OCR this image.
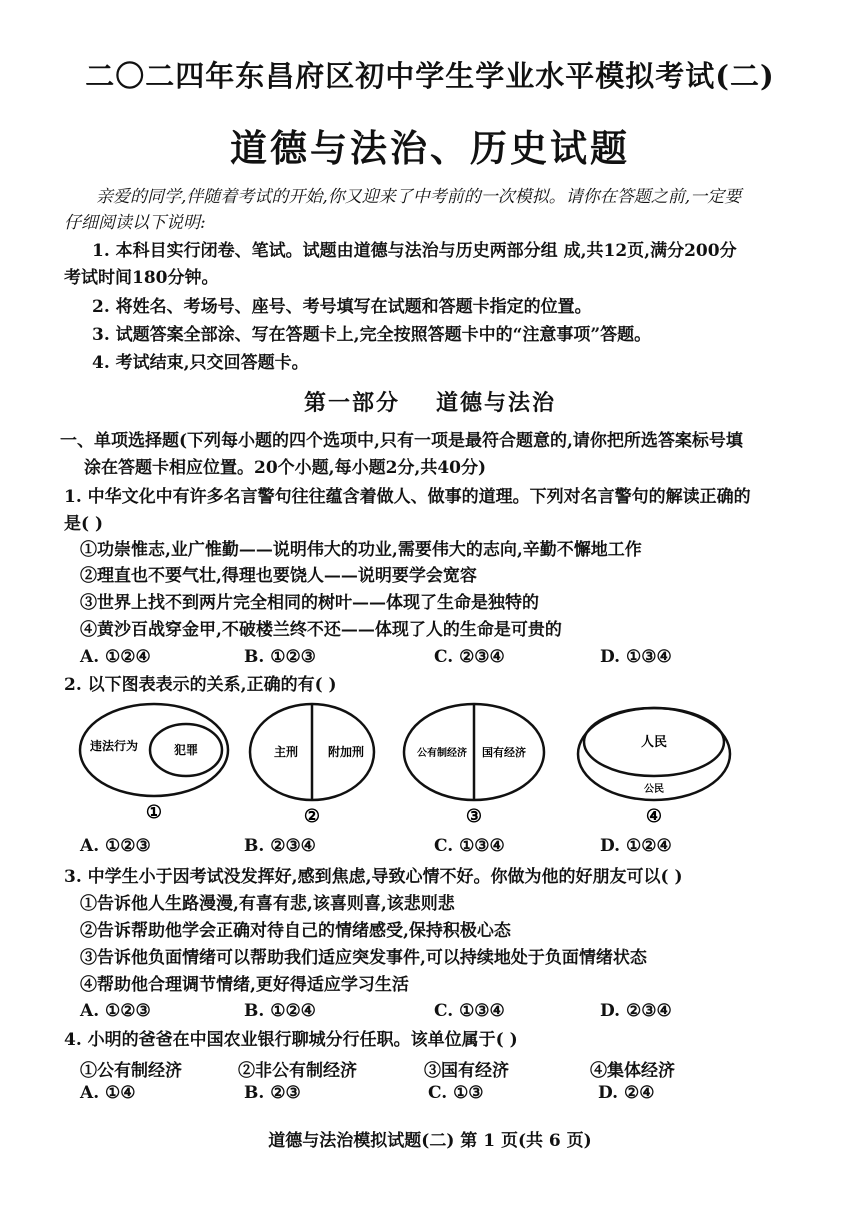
二〇二四年东昌府区初中学生学业水平模拟考试(二)
道德与法治、历史试题
亲爱的同学,伴随着考试的开始,你又迎来了中考前的一次模拟。请你在答题之前,一定要
仔细阅读以下说明:
1. 本科目实行闭卷、笔试。试题由道德与法治与历史两部分组 成,共12页,满分200分
考试时间180分钟。
2. 将姓名、考场号、座号、考号填写在试题和答题卡指定的位置。
3. 试题答案全部涂、写在答题卡上,完全按照答题卡中的“注意事项”答题。
4. 考试结束,只交回答题卡。
第一部分 道德与法治
一、单项选择题(下列每小题的四个选项中,只有一项是最符合题意的,请你把所选答案标号填
涂在答题卡相应位置。20个小题,每小题2分,共40分)
1. 中华文化中有许多名言警句往往蕴含着做人、做事的道理。下列对名言警句的解读正确的
是( )
①功崇惟志,业广惟勤——说明伟大的功业,需要伟大的志向,辛勤不懈地工作
②理直也不要气壮,得理也要饶人——说明要学会宽容
③世界上找不到两片完全相同的树叶——体现了生命是独特的
④黄沙百战穿金甲,不破楼兰终不还——体现了人的生命是可贵的
A. ①②④	B. ①②③	C. ②③④	D. ①③④
2. 以下图表表示的关系,正确的有( )
违法行为	犯罪
①
主刑 附加刑
②
公有制经济 国有经济
③
人民
公民
④
A. ①②③	B. ②③④	C. ①③④	D. ①②④
3. 中学生小于因考试没发挥好,感到焦虑,导致心情不好。你做为他的好朋友可以( )
①告诉他人生路漫漫,有喜有悲,该喜则喜,该悲则悲
②告诉帮助他学会正确对待自己的情绪感受,保持积极心态
③告诉他负面情绪可以帮助我们适应突发事件,可以持续地处于负面情绪状态
④帮助他合理调节情绪,更好得适应学习生活
A. ①②③	B. ①②④	C. ①③④	D. ②③④
4. 小明的爸爸在中国农业银行聊城分行任职。该单位属于( )
①公有制经济	②非公有制经济	③国有经济	④集体经济
A. ①④	B. ②③	C. ①③	D. ②④
道德与法治模拟试题(二) 第 1 页(共 6 页)
